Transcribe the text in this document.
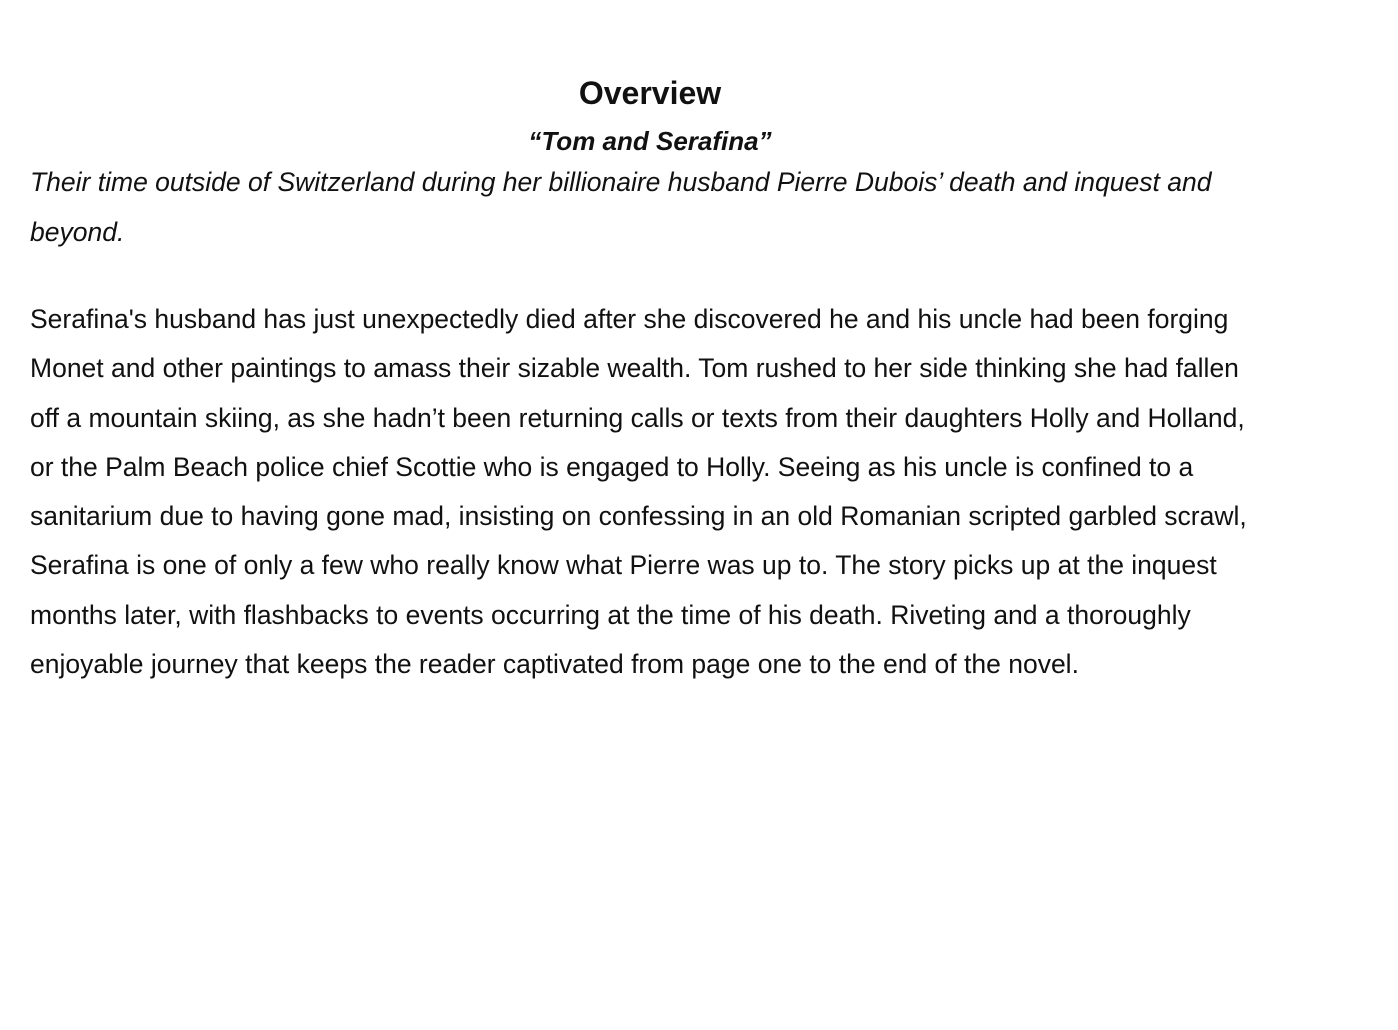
Overview
“Tom and Serafina”

Their time outside of Switzerland during her billionaire husband Pierre Dubois’ death and inquest and beyond.

Serafina's husband has just unexpectedly died after she discovered he and his uncle had been forging Monet and other paintings to amass their sizable wealth. Tom rushed to her side thinking she had fallen off a mountain skiing, as she hadn’t been returning calls or texts from their daughters Holly and Holland, or the Palm Beach police chief Scottie who is engaged to Holly. Seeing as his uncle is confined to a sanitarium due to having gone mad, insisting on confessing in an old Romanian scripted garbled scrawl, Serafina is one of only a few who really know what Pierre was up to. The story picks up at the inquest months later, with flashbacks to events occurring at the time of his death. Riveting and a thoroughly enjoyable journey that keeps the reader captivated from page one to the end of the novel.
